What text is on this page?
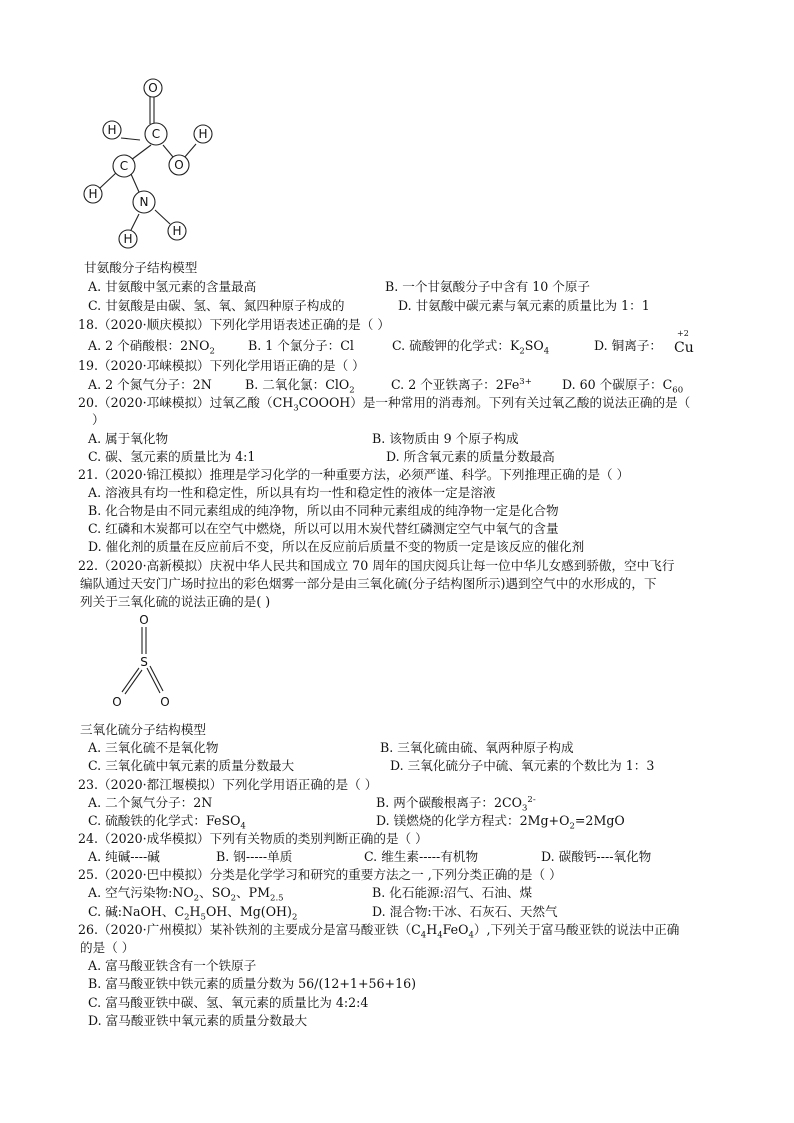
O
C
H
C	O
H
H
N
H
H
甘氨酸分子结构模型
A. 甘氨酸中氢元素的含量最高	B. 一个甘氨酸分子中含有 10 个原子
C. 甘氨酸是由碳、氢、氧、氮四种原子构成的	D. 甘氨酸中碳元素与氧元素的质量比为 1：1
18.（2020·顺庆模拟）下列化学用语表述正确的是（ ）
A. 2 个硝酸根：$2NO_2$	B. 1 个氯分子：Cl	C. 硫酸钾的化学式：$K_2SO_4$	D. 铜离子：
+2
Cu
19.（2020·邛崃模拟）下列化学用语正确的是（ ）
A. 2 个氮气分子：2N	B. 二氧化氯：ClO$_2$	C. 2 个亚铁离子：$2Fe^{3+}$ D. 60 个碳原子：$C_{60}$
20.（2020·邛崃模拟）过氧乙酸$(CH_3COOOH)$是一种常用的消毒剂。下列有关过氧乙酸的说法正确的是（
）
A. 属于氧化物	B. 该物质由 9 个原子构成
C. 碳、氢元素的质量比为 4:1	D. 所含氧元素的质量分数最高
21.（2020·锦江模拟）推理是学习化学的一种重要方法，必须严谨、科学。下列推理正确的是（ ）
A. 溶液具有均一性和稳定性，所以具有均一性和稳定性的液体一定是溶液
B. 化合物是由不同元素组成的纯净物，所以由不同种元素组成的纯净物一定是化合物
C. 红磷和木炭都可以在空气中燃烧，所以可以用木炭代替红磷测定空气中氧气的含量
D. 催化剂的质量在反应前后不变，所以在反应前后质量不变的物质一定是该反应的催化剂
22.（2020·高新模拟）庆祝中华人民共和国成立 70 周年的国庆阅兵让每一位中华儿女感到骄傲，空中飞行
编队通过天安门广场时拉出的彩色烟雾一部分是由三氧化硫(分子结构图所示)遇到空气中的水形成的，下
列关于三氧化硫的说法正确的是( )
O
S
O	O
三氧化硫分子结构模型
A. 三氧化硫不是氧化物	B. 三氧化硫由硫、氧两种原子构成
C. 三氧化硫中氧元素的质量分数最大	D. 三氧化硫分子中硫、氧元素的个数比为 1：3
23.（2020·都江堰模拟）下列化学用语正确的是（ ）
A. 二个氮气分子：2N	B. 两个碳酸根离子：$2CO_3^{2-}$
C. 硫酸铁的化学式：FeSO$_4$	D. 镁燃烧的化学方程式：$2Mg+O_2=2MgO$
24.（2020·成华模拟）下列有关物质的类别判断正确的是（ ）
A. 纯碱----碱	B. 钢-----单质	C. 维生素-----有机物	D. 碳酸钙----氧化物
25.（2020·巴中模拟）分类是化学学习和研究的重要方法之一 ,下列分类正确的是（ ）
A. 空气污染物$:NO_2$、$SO_2$、$PM_{2.5}$	B. 化石能源:沼气、石油、煤
C. 碱:NaOH、$C_2H_5OH$、$Mg(OH)_2$	D. 混合物:干冰、石灰石、天然气
26.（2020·广州模拟）某补铁剂的主要成分是富马酸亚铁$(C_4H_4FeO_4)$,下列关于富马酸亚铁的说法中正确
的是（ ）
A. 富马酸亚铁含有一个铁原子
B. 富马酸亚铁中铁元素的质量分数为 56/(12+1+56+16)
C. 富马酸亚铁中碳、氢、氧元素的质量比为 4:2:4
D. 富马酸亚铁中氧元素的质量分数最大
